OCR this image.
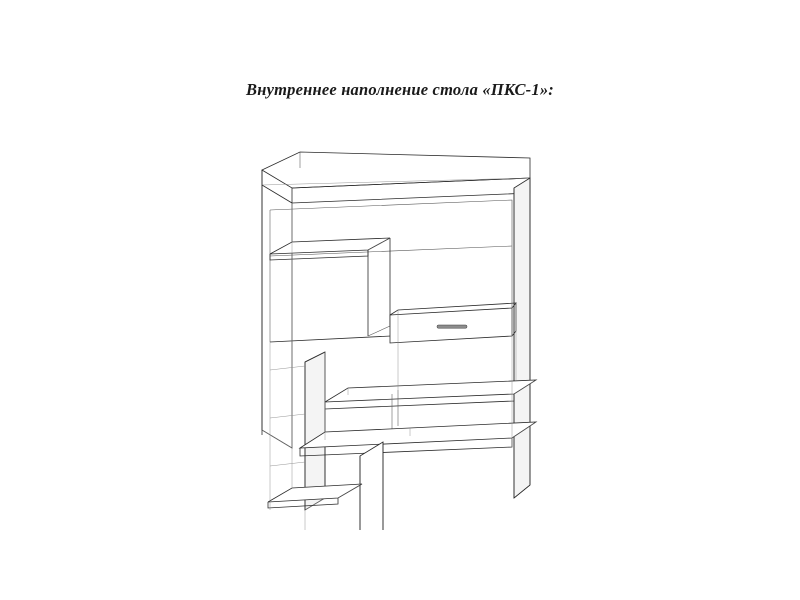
Внутреннее наполнение стола «ПКС-1»:
